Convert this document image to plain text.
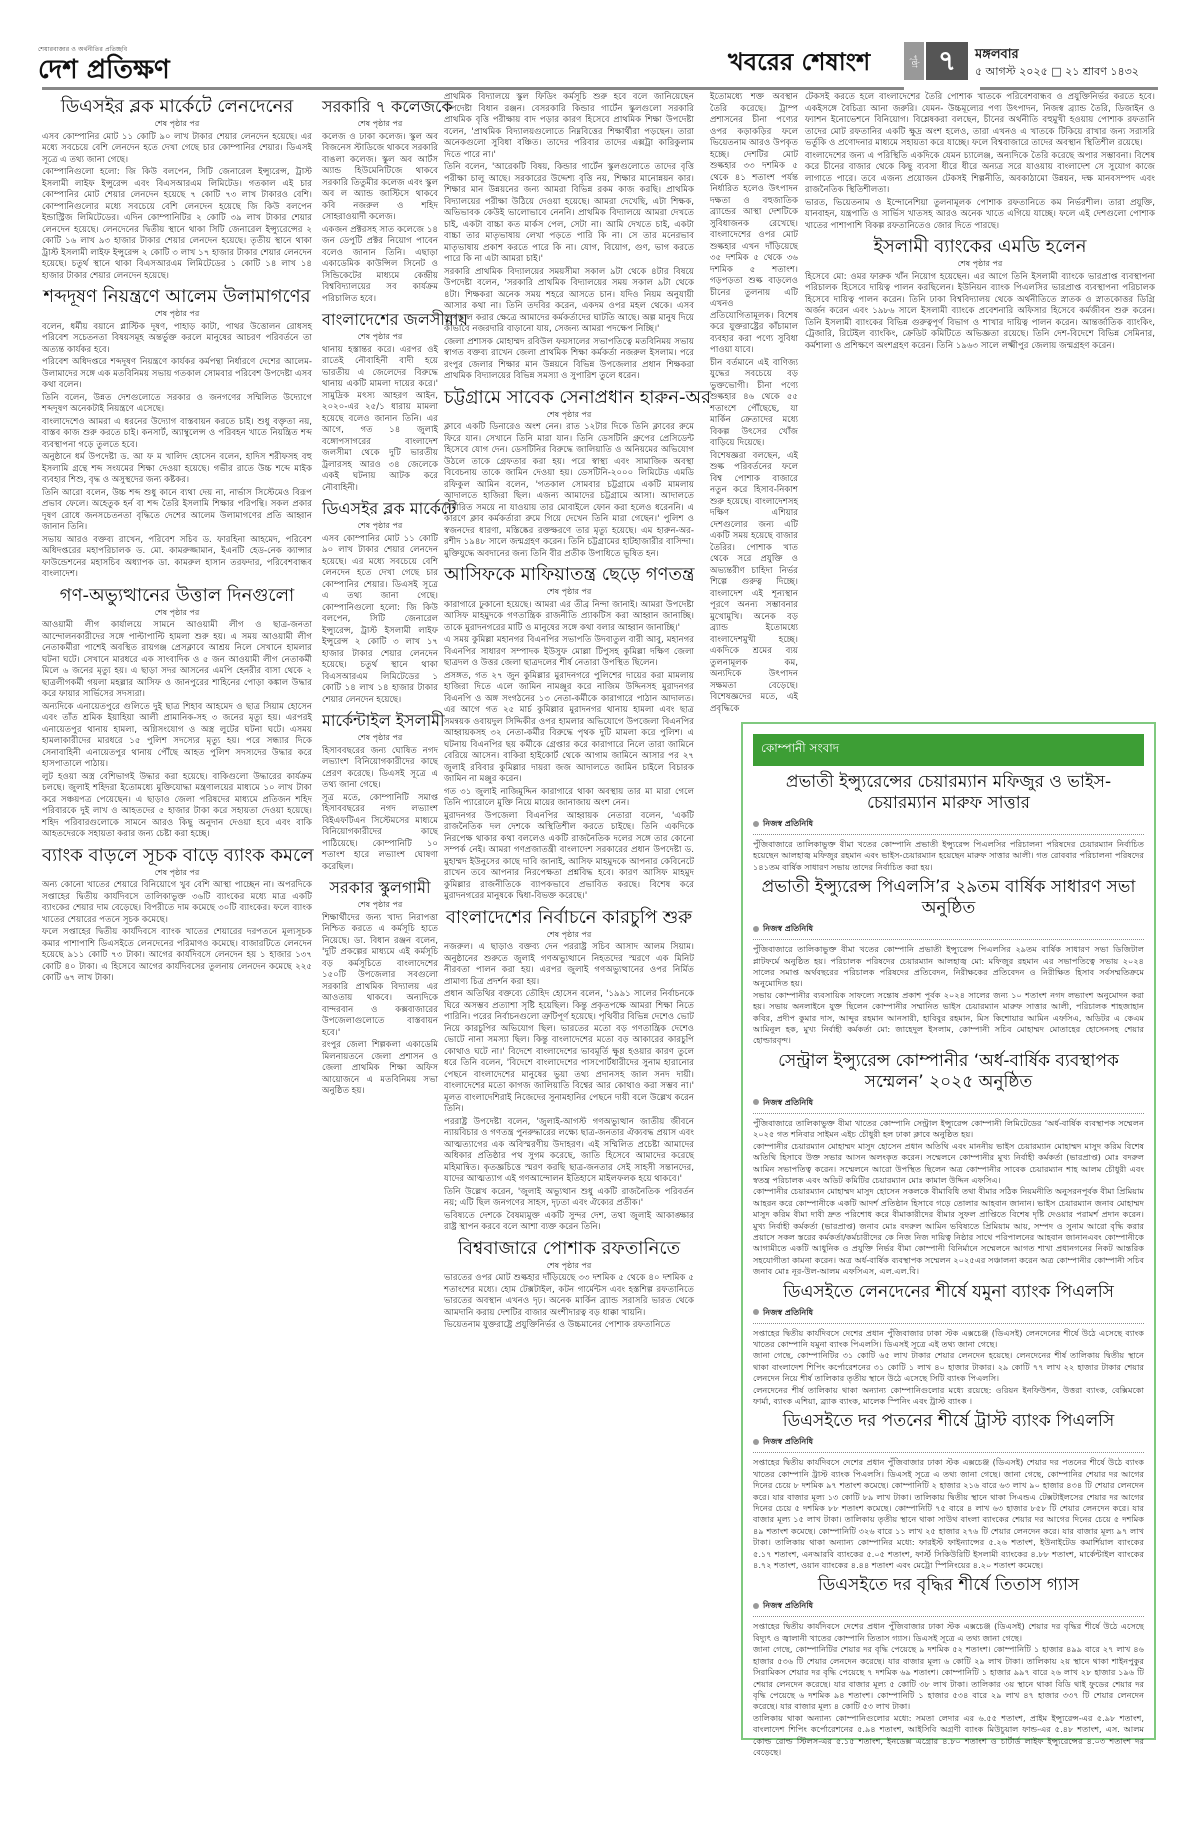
শেয়ারবাজার ও অর্থনীতির প্রতিচ্ছবি
দেশ প্রতিক্ষণ	খবরের শেষাংশ	পৃষ্ঠা ৭	মঙ্গলবার
৫ আগস্ট ২০২৫ □ ২১ শ্রাবণ ১৪৩২
ডিএসইর ব্লক মার্কেটে লেনদেনের
শেষ পৃষ্ঠার পর

এসব কোম্পানির মোট ১১ কোটি ৯০ লাখ টাকার শেয়ার লেনদেন হয়েছে। এর মধ্যে সবচেয়ে বেশি লেনদেন হতে দেখা গেছে চার কোম্পানির শেয়ার। ডিএসই সূত্রে এ তথ্য জানা গেছে।

কোম্পানিগুলো হলো: জি কিউ বলপেন, সিটি জেনারেল ইন্স্যুরেন্স, ট্রাস্ট ইসলামী লাইফ ইন্সুরেন্স এবং বিএসআরএম লিমিটেড। গতকাল এই চার কোম্পানির মোট শেয়ার লেনদেন হয়েছে ৭ কোটি ৭৩ লাখ টাকারও বেশি। কোম্পানিগুলোর মধ্যে সবচেয়ে বেশি লেনদেন হয়েছে জি কিউ বলপেন ইন্ডাস্ট্রিজ লিমিটেডের। এদিন কোম্পানিটির ২ কোটি ৩৯ লাখ টাকার শেয়ার লেনদেন হয়েছে। লেনদেনের দ্বিতীয় স্থানে থাকা সিটি জেনারেল ইন্স্যুরেন্সের ২ কোটি ১৬ লাখ ৯৩ হাজার টাকার শেয়ার লেনদেন হয়েছে। তৃতীয় স্থানে থাকা ট্রাস্ট ইসলামী লাইফ ইন্সুরেন্স ২ কোটি ৩ লাখ ১৭ হাজার টাকার শেয়ার লেনদেন হয়েছে। চতুর্থ স্থানে থাকা বিএসআরএম লিমিটেডের ১ কোটি ১৪ লাখ ১৪ হাজার টাকার শেয়ার লেনদেন হয়েছে।

শব্দদূষণ নিয়ন্ত্রণে আলেম উলামাগণের
শেষ পৃষ্ঠার পর

বলেন, ধর্মীয় বয়ানে প্লাস্টিক দূষণ, পাহাড় কাটা, পাথর উত্তোলন রোধসহ পরিবেশ সচেতনতা বিষয়সমূহ অন্তর্ভুক্ত করলে মানুষের আচরণ পরিবর্তনে তা অত্যন্ত কার্যকর হবে।

পরিবেশ অধিদপ্তরে শব্দদূষণ নিয়ন্ত্রণে কার্যকর কর্মপন্থা নির্ধারণে দেশের আলেম-উলামাদের সঙ্গে এক মতবিনিময় সভায় গতকাল সোমবার পরিবেশ উপদেষ্টা এসব কথা বলেন।

তিনি বলেন, উন্নত দেশগুলোতে সরকার ও জনগণের সম্মিলিত উদ্যোগে শব্দদূষণ অনেকটাই নিয়ন্ত্রণে এসেছে।

বাংলাদেশেও আমরা এ ধরনের উদ্যোগ বাস্তবায়ন করতে চাই। শুধু বক্তৃতা নয়, বাস্তব কাজ শুরু করতে চাই। কনসার্ট, অ্যাম্বুলেন্স ও পরিবহন খাতে নিয়ন্ত্রিত শব্দ ব্যবস্থাপনা গড়ে তুলতে হবে।

অনুষ্ঠানে ধর্ম উপদেষ্টা ড. আ ফ ম খালিদ হোসেন বলেন, হাদিস শরীফসহ বহু ইসলামি গ্রন্থে শব্দ সংযমের শিক্ষা দেওয়া হয়েছে। গভীর রাতে উচ্চ শব্দে মাইক ব্যবহার শিশু, বৃদ্ধ ও অসুস্থদের জন্য কষ্টকর।

তিনি আরো বলেন, উচ্চ শব্দ শুধু কানে ব্যথা দেয় না, নার্ভাস সিস্টেমেও বিরূপ প্রভাব ফেলে। অহেতুক হর্ন বা শব্দ তৈরি ইসলামি শিক্ষার পরিপন্থি। সকল প্রকার দূষণ রোধে জনসচেতনতা বৃদ্ধিতে দেশের আলেম উলামাগণের প্রতি আহ্বান জানান তিনি।

সভায় আরও বক্তব্য রাখেন, পরিবেশ সচিব ড. ফারহিনা আহমেদ, পরিবেশ অধিদপ্তরের মহাপরিচালক ড. মো. কামরুজ্জামান, ইএনটি হেড-নেক ক্যান্সার ফাউন্ডেশনের মহাসচিব অধ্যাপক ডা. কামরুল হাসান তরফদার, পরিবেশবান্ধব বাংলাদেশ।

গণ-অভ্যুত্থানের উত্তাল দিনগুলো
শেষ পৃষ্ঠার পর

আওয়ামী লীগ কার্যালয়ে সামনে আওয়ামী লীগ ও ছাত্র-জনতা আন্দোলনকারীদের সঙ্গে পাল্টাপাল্টি হামলা শুরু হয়। এ সময় আওয়ামী লীগ নেতাকর্মীরা পাশেই অবস্থিত রায়গঞ্জ প্রেসক্লাবে আশ্রয় নিলে সেখানে হামলার ঘটনা ঘটে। সেখানে মারধরে এক সাংবাদিক ও ৫ জন আওয়ামী লীগ নেতাকর্মী মিলে ৬ জনের মৃত্যু হয়। এ ছাড়া সদর আসনের এমপি হেনরীর বাসা থেকে ২ ছাত্রলীগকর্মী গয়লা মহল্লার আসিফ ও জানপুরের শাহিনের পোড়া কঙ্কাল উদ্ধার করে ফায়ার সার্ভিসের সদস্যরা।

অন্যদিকে এনায়েতপুরে গুলিতে দুই ছাত্র শিহাব আহমেদ ও ছাত্র সিয়াম হোসেন এবং তাঁত শ্রমিক ইয়াহিয়া আলী প্রামানিক-সহ ৩ জনের মৃত্যু হয়। এরপরই এনায়েতপুর থানায় হামলা, অগ্নিসংযোগ ও অস্ত্র লুটের ঘটনা ঘটে। এসময় হামলাকারীদের মারধরে ১৫ পুলিশ সদস্যের মৃত্যু হয়। পরে সন্ধ্যার দিকে সেনাবাহিনী এনায়েতপুর থানায় পৌঁছে আহত পুলিশ সদস্যদের উদ্ধার করে হাসপাতালে পাঠায়।

লুট হওয়া অস্ত্র বেশিভাগই উদ্ধার করা হয়েছে। বাকিগুলো উদ্ধারের কার্যক্রম চলছে। জুলাই শহিদরা ইতোমধ্যে মুক্তিযোদ্ধা মন্ত্রণালয়ের মাধ্যমে ১০ লাখ টাকা করে সঞ্চয়পত্র পেয়েছেন। এ ছাড়াও জেলা পরিষদের মাধ্যমে প্রতিজন শহিদ পরিবারকে দুই লাখ ও আহতদের ৫ হাজার টাকা করে সহায়তা দেওয়া হয়েছে। শহিদ পরিবারগুলোকে সামনে আরও কিছু অনুদান দেওয়া হবে এবং বাকি আহতদেরকে সহায়তা করার জন্য চেষ্টা করা হচ্ছে।

ব্যাংক বাড়লে সূচক বাড়ে ব্যাংক কমলে
শেষ পৃষ্ঠার পর

অন্য কোনো খাতের শেয়ারে বিনিয়োগে খুব বেশি আস্থা পাচ্ছেন না। অপরদিকে সপ্তাহের দ্বিতীয় কার্যদিবসে তালিকাভুক্ত ৩৬টি ব্যাংকের মধ্যে মাত্র একটি ব্যাংকের শেয়ার দাম বেড়েছে। বিপরীতে দাম কমেছে ৩০টি ব্যাংকের। ফলে ব্যাংক খাতের শেয়ারের পতনে সূচক কমেছে।

ফলে সপ্তাহের দ্বিতীয় কার্যদিবসে ব্যাংক খাতের শেয়ারের দরপতনে মূল্যসূচক কমার পাশাপাশি ডিএসইতে লেনদেনের পরিমাণও কমেছে। বাজারটিতে লেনদেন হয়েছে ৯১১ কোটি ৭৩ টাকা। আগের কার্যদিবসে লেনদেন হয় ১ হাজার ১৩৭ কোটি ৪০ টাকা। এ হিসেবে আগের কার্যদিবসের তুলনায় লেনদেন কমেছে ২২৫ কোটি ৬৭ লাখ টাকা।

সরকারি ৭ কলেজকে
শেষ পৃষ্ঠার পর

কলেজ ও ঢাকা কলেজ। স্কুল অব বিজনেস স্টাডিজে থাকবে সরকারি বাঙলা কলেজ। স্কুল অব আর্টস অ্যান্ড হিউমেনিটিজে থাকবে সরকারি তিতুমীর কলেজ এবং স্কুল অব ল অ্যান্ড জাস্টিসে থাকবে কবি নজরুল ও শহিদ সোহরাওয়ার্দী কলেজ।

একজন প্রক্টরসহ সাত কলেজে ১৪ জন ডেপুটি প্রক্টর নিয়োগ পাবেন বলেও জানান তিনি। এছাড়া একাডেমিক কাউন্সিল সিনেট ও সিন্ডিকেটের মাধ্যমে কেন্দ্রীয় বিশ্ববিদ্যালয়ের সব কার্যক্রম পরিচালিত হবে।

বাংলাদেশের জলসীমায়
শেষ পৃষ্ঠার পর

থানায় হস্তান্তর করে। এরপর ওই রাতেই নৌবাহিনী বাদী হয়ে ভারতীয় এ জেলেদের বিরুদ্ধে থানায় একটি মামলা দায়ের করে।' সামুদ্রিক মৎস্য আহরণ আইন, ২০২০-এর ২৫/১ ধারায় মামলা হয়েছে বলেও জানান তিনি। এর আগে, গত ১৪ জুলাই বঙ্গোপসাগরের বাংলাদেশ জলসীমা থেকে দুটি ভারতীয় ট্রলারসহ আরও ৩৪ জেলেকে একই ঘটনায় আটক করে নৌবাহিনী।

ডিএসইর ব্লক মার্কেটে
শেষ পৃষ্ঠার পর

এসব কোম্পানির মোট ১১ কোটি ৯০ লাখ টাকার শেয়ার লেনদেন হয়েছে। এর মধ্যে সবচেয়ে বেশি লেনদেন হতে দেখা গেছে চার কোম্পানির শেয়ার। ডিএসই সূত্রে এ তথ্য জানা গেছে। কোম্পানিগুলো হলো: জি কিউ বলপেন, সিটি জেনারেল ইন্স্যুরেন্স, ট্রাস্ট ইসলামী লাইফ ইন্সুরেন্স ২ কোটি ৩ লাখ ১৭ হাজার টাকার শেয়ার লেনদেন হয়েছে। চতুর্থ স্থানে থাকা বিএসআরএম লিমিটেডের ১ কোটি ১৪ লাখ ১৪ হাজার টাকার শেয়ার লেনদেন হয়েছে।

মার্কেন্টাইল ইসলামী
শেষ পৃষ্ঠার পর

হিসাববছরের জন্য ঘোষিত নগদ লভ্যাংশ বিনিয়োগকারীদের কাছে প্রেরণ করেছে। ডিএসই সূত্রে এ তথ্য জানা গেছে।

সূত্র মতে, কোম্পানিটি সমাপ্ত হিসাববছরের নগদ লভ্যাংশ বিইএফটিএন সিস্টেমসের মাধ্যমে বিনিয়োগকারীদের কাছে পাঠিয়েছে। কোম্পানিটি ১০ শতাংশ হারে লভ্যাংশ ঘোষণা করেছিল।

সরকার স্কুলগামী
শেষ পৃষ্ঠার পর

শিক্ষার্থীদের জন্য খাদ্য নিরাপত্তা নিশ্চিত করতে এ কর্মসূচি হাতে নিয়েছে। ডা. বিধান রঞ্জন বলেন, 'দুটি প্রকল্পের মাধ্যমে এই কর্মসূচি বড় কর্মসূচিতে বাংলাদেশের ১৫০টি উপজেলার সবগুলো সরকারি প্রাথমিক বিদ্যালয় এর আওতায় থাকবে। অন্যদিকে বান্দরবান ও কক্সবাজারের উপজেলাগুলোতে বাস্তবায়ন হবে।'

রংপুর জেলা শিল্পকলা একাডেমি মিলনায়তনে জেলা প্রশাসন ও জেলা প্রাথমিক শিক্ষা অফিস আয়োজনে এ মতবিনিময় সভা অনুষ্ঠিত হয়।

প্রাথমিক বিদ্যালয়ে স্কুল ফিডিং কর্মসূচি শুরু হবে বলে জানিয়েছেন উপদেষ্টা বিধান রঞ্জন। বেসরকারি কিন্ডার গার্টেন স্কুলগুলো সরকারি প্রাথমিক বৃত্তি পরীক্ষায় বাদ পড়ার কারণ হিসেবে প্রাথমিক শিক্ষা উপদেষ্টা বলেন, 'প্রাথমিক বিদ্যালয়গুলোতে নিম্নবিত্তের শিক্ষার্থীরা পড়ছেন। তারা অনেকগুলো সুবিধা বঞ্চিত। তাদের পরিবার তাদের এক্সট্রা কারিকুলাম দিতে পারে না।'

তিনি বলেন, 'আরেকটি বিষয়, কিন্ডার গার্টেন স্কুলগুলোতে তাদের বৃত্তি পরীক্ষা চালু আছে। সরকারের উদ্দেশ্য বৃত্তি নয়, শিক্ষার মানোন্নয়ন কার। শিক্ষার মান উন্নয়নের জন্য আমরা বিভিন্ন রকম কাজ করছি। প্রাথমিক বিদ্যালয়ের পরীক্ষা উঠিয়ে দেওয়া হয়েছে। আমরা দেখেছি, এটা শিক্ষক, অভিভাবক কেউই ভালোভাবে নেননি। প্রাথমিক বিদ্যালয়ে আমরা দেখতে চাই, একটা বাচ্চা কত মার্কস পেল, সেটা না। আমি দেখতে চাই, একটা বাচ্চা তার মাতৃভাষায় লেখা পড়তে পারি কি না। সে তার মনেরভাব মাতৃভাষায় প্রকাশ করতে পারে কি না। যোগ, বিয়োগ, গুণ, ভাগ করতে পারে কি না এটা আমরা চাই।'

সরকারি প্রাথমিক বিদ্যালয়ের সময়সীমা সকাল ৯টা থেকে ৪টার বিষয়ে উপদেষ্টা বলেন, 'সরকারি প্রাথমিক বিদ্যালয়ের সময় সকাল ৯টা থেকে ৪টা। শিক্ষকরা অনেক সময় শহরে আসতে চান। যদিও নিয়ম অনুযায়ী আসার কথা না। তিনি তদবির করেন, একদম ওপর মহল থেকে। এসব দেখভাল করার ক্ষেত্রে আমাদের কর্মকর্তাদের ঘাটতি আছে। অল্প মানুষ দিয়ে কীভাবে নজরদারি বাড়ানো যায়, সেজন্য আমরা পদক্ষেপ নিচ্ছি।'

জেলা প্রশাসক মোহাম্মদ রবিউল ফয়সালের সভাপতিত্বে মতবিনিময় সভায় স্বাগত বক্তব্য রাখেন জেলা প্রাথমিক শিক্ষা কর্মকর্তা নজরুল ইসলাম। পরে রংপুর জেলার শিক্ষার মান উন্নয়নে বিভিন্ন উপজেলার প্রধান শিক্ষকরা প্রাথমিক বিদ্যালয়ের বিভিন্ন সমস্যা ও সুপারিশ তুলে ধরেন।

চট্টগ্রামে সাবেক সেনাপ্রধান হারুন-অর
শেষ পৃষ্ঠার পর

ক্লাবে একটি ডিনারেও অংশ নেন। রাত ১২টার দিকে তিনি ক্লাবের রুমে ফিরে যান। সেখানে তিনি মারা যান। তিনি ডেসটিনি গ্রুপের প্রেসিডেন্ট হিসেবে যোগ দেন। ডেসটিনির বিরুদ্ধে জালিয়াতি ও অনিয়মের অভিযোগ উঠলে তাকে গ্রেফতার করা হয়। পরে স্বাস্থ্য এবং সামাজিক অবস্থা বিবেচনায় তাকে জামিন দেওয়া হয়। ডেসটিনি-২০০০ লিমিটেড এমডি রফিকুল আমিন বলেন, 'গতকাল সোমবার চট্টগ্রামে একটি মামলায় আদালতে হাজিরা ছিল। এজন্য আমাদের চট্টগ্রামে আসা। আদালতে নির্ধারিত সময়ে না যাওয়ায় তার মোবাইলে ফোন করা হলেও ধরেননি। এ কারণে ক্লাব কর্মকর্তারা রুমে গিয়ে দেখেন তিনি মারা গেছেন।' পুলিশ ও স্বজনদের ধারণা, মস্তিষ্কের রক্তক্ষরণে তার মৃত্যু হয়েছে। এম হারুন-অর-রশীদ ১৯৪৮ সালে জন্মগ্রহণ করেন। তিনি চট্টগ্রামের হাটহাজারীর বাসিন্দা। মুক্তিযুদ্ধে অবদানের জন্য তিনি বীর প্রতীক উপাধিতে ভূষিত হন।

আসিফকে মাফিয়াতন্ত্র ছেড়ে গণতন্ত্র
শেষ পৃষ্ঠার পর

কারাগারে ঢুকানো হয়েছে। আমরা এর তীব্র নিন্দা জানাই। আমরা উপদেষ্টা আসিফ মাহমুদকে গণতান্ত্রিক রাজনীতি প্র্যাকটিস করা আহ্বান জানাচ্ছি। তাকে মুরাদনগরের মাটি ও মানুষের সঙ্গে কথা বলার আহ্বান জানাচ্ছি।'

এ সময় কুমিল্লা মহানগর বিএনপির সভাপতি উদবাতুল বারী আবু, মহানগর বিএনপির সাধারণ সম্পাদক ইউসুফ মোল্লা টিপুসহ কুমিল্লা দক্ষিণ জেলা ছাত্রদল ও উত্তর জেলা ছাত্রদলের শীর্ষ নেতারা উপস্থিত ছিলেন।

প্রসঙ্গত, গত ২৭ জুন কুমিল্লার মুরাদনগরে পুলিশের দায়ের করা মামলায় হাজিরা দিতে এলে জামিন নামঞ্জুর করে নাজিম উদ্দিনসহ মুরাদনগর বিএনপি ও অঙ্গ সংগঠনের ১৩ নেতা-কর্মীকে কারাগারে পাঠান আদালত। এর আগে গত ২৫ মার্চ কুমিল্লার মুরাদনগর থানায় হামলা এবং ছাত্র সমন্বয়ক ওবায়দুল সিদ্দিকীর ওপর হামলার অভিযোগে উপজেলা বিএনপির আহ্বায়কসহ ৩২ নেতা-কর্মীর বিরুদ্ধে পৃথক দুটি মামলা করে পুলিশ। এ ঘটনায় বিএনপির ছয় কর্মীকে গ্রেপ্তার করে কারাগারে নিলে তারা জামিনে বেরিয়ে আসেন। বাকিরা হাইকোর্ট থেকে আগাম জামিনে আসার পর ২৭ জুলাই রবিবার কুমিল্লার দায়রা জজ আদালতে জামিন চাইলে বিচারক জামিন না মঞ্জুর করেন।

গত ৩১ জুলাই নাজিমুদ্দিন কারাগারে থাকা অবস্থায় তার মা মারা গেলে তিনি প্যারোলে মুক্তি নিয়ে মায়ের জানাজায় অংশ নেন।

মুরাদনগর উপজেলা বিএনপির আহ্বায়ক নেতারা বলেন, 'একটি রাজনৈতিক দল দেশকে অস্থিতিশীল করতে চাইছে। তিনি একদিকে নিরপেক্ষ থাকার কথা বললেও একটি রাজনৈতিক দলের সঙ্গে তার কোনো সম্পর্ক নেই। আমরা গণপ্রজাতন্ত্রী বাংলাদেশ সরকারের প্রধান উপদেষ্টা ড. মুহাম্মদ ইউনুসের কাছে দাবি জানাই, আসিফ মাহমুদকে আপনার কেবিনেটে রাখেন তবে আপনার নিরপেক্ষতা প্রশ্নবিদ্ধ হবে। কারণ আসিফ মাহমুদ কুমিল্লার রাজনীতিকে ব্যাপকভাবে প্রভাবিত করছে। বিশেষ করে মুরাদনগরের মানুষকে দ্বিধা-বিভক্ত করেছে।'

বাংলাদেশের নির্বাচনে কারচুপি শুরু
শেষ পৃষ্ঠার পর

নজরুল। এ ছাড়াও বক্তব্য দেন পররাষ্ট্র সচিব আসাদ আলম সিয়াম। অনুষ্ঠানের শুরুতে জুলাই গণঅভ্যুত্থানে নিহতদের স্মরণে এক মিনিট নীরবতা পালন করা হয়। এরপর জুলাই গণঅভ্যুত্থানের ওপর নির্মিত প্রামাণ্য চিত্র প্রদর্শন করা হয়।

প্রধান অতিথির বক্তব্যে তৌহিদ হোসেন বলেন, '১৯৯১ সালের নির্বাচনকে ঘিরে অসম্ভব প্রত্যাশা সৃষ্টি হয়েছিল। কিন্তু প্রকৃতপক্ষে আমরা শিক্ষা নিতে পারিনি। পরের নির্বাচনগুলো ত্রুটিপূর্ণ হয়েছে। পৃথিবীর বিভিন্ন দেশেও ভোট নিয়ে কারচুপির অভিযোগ ছিল। ভারতের মতো বড় গণতান্ত্রিক দেশেও ভোটে নানা সমস্যা ছিল। কিন্তু বাংলাদেশের মতো বড় আকারের কারচুপি কোথাও ঘটে না।' বিদেশে বাংলাদেশের ভাবমূর্তি ক্ষুণ্ণ হওয়ার কারণ তুলে ধরে তিনি বলেন, 'বিদেশে বাংলাদেশের পাসপোর্টধারীদের সুনাম হারানোর পেছনে বাংলাদেশের মানুষের ভুয়া তথ্য প্রদানসহ জাল সনদ দায়ী। বাংলাদেশের মতো কাগজ জালিয়াতি বিশ্বের আর কোথাও করা সম্ভব না।' মূলত বাংলাদেশিরাই নিজেদের সুনামহানির পেছনে দায়ী বলে উল্লেখ করেন তিনি।

পররাষ্ট্র উপদেষ্টা বলেন, 'জুলাই-আগস্ট গণঅভ্যুত্থান জাতীয় জীবনে ন্যায়বিচার ও গণতন্ত্র পুনরুদ্ধারের লক্ষ্যে ছাত্র-জনতার ঐক্যবদ্ধ প্রয়াস এবং আত্মত্যাগের এক অবিস্মরণীয় উদাহরণ। এই সম্মিলিত প্রচেষ্টা আমাদের অধিকার প্রতিষ্ঠার পথ সুগম করেছে, জাতি হিসেবে আমাদের করেছে মহিমান্বিত। কৃতজ্ঞচিত্তে স্মরণ করছি ছাত্র-জনতার সেই সাহসী সন্তানদের, যাদের আত্মত্যাগ এই গণআন্দোলন ইতিহাসে মাইলফলক হয়ে থাকবে।'

তিনি উল্লেখ করেন, 'জুলাই অভ্যুত্থান শুধু একটি রাজনৈতিক পরিবর্তন নয়; এটি ছিল জনগণের সাহস, দৃঢ়তা এবং ঐক্যের প্রতীক।'

ভবিষ্যতে দেশকে বৈষম্যমুক্ত একটি সুন্দর দেশ, তথা জুলাই আকাঙ্ক্ষার রাষ্ট্র স্থাপন করবে বলে আশা ব্যক্ত করেন তিনি।

বিশ্ববাজারে পোশাক রফতানিতে
শেষ পৃষ্ঠার পর

ভারতের ওপর মোট শুল্কহার দাঁড়িয়েছে ৩৩ দশমিক ৫ থেকে ৪০ দশমিক ৫ শতাংশের মধ্যে। হোম টেক্সটাইল, কটন গার্মেন্টস এবং হস্তশিল্প রফতানিতে ভারতের অবস্থান এখনও দৃঢ়। অনেক মার্কিন ব্র্যান্ড সরাসরি ভারত থেকে আমদানি করায় দেশটির বাজার অংশীদারত্ব বড় ধাক্কা খায়নি।

ভিয়েতনাম যুক্তরাষ্ট্রে প্রযুক্তিনির্ভর ও উচ্চমানের পোশাক রফতানিতে

ইতোমধ্যে শক্ত অবস্থান তৈরি করেছে। ট্রাম্প প্রশাসনের চীনা পণ্যের ওপর কড়াকড়ির ফলে ভিয়েতনাম আরও উপকৃত হচ্ছে। দেশটির মোট শুল্কহার ৩৩ দশমিক ৫ থেকে ৪১ শতাংশ পর্যন্ত নির্ধারিত হলেও উৎপাদন দক্ষতা ও বহুজাতিক ব্র্যান্ডের আস্থা দেশটিকে সুবিধাজনক রেখেছে। বাংলাদেশের ওপর মোট শুল্কহার এখন দাঁড়িয়েছে ৩৫ দশমিক ৫ থেকে ৩৬ দশমিক ৫ শতাংশ। গড়পড়তা শুল্ক বাড়লেও চীনের তুলনায় এটি এখনও প্রতিযোগিতামূলক। বিশেষ করে যুক্তরাষ্ট্রের কাঁচামাল ব্যবহার করা পণ্যে সুবিধা পাওয়া যাবে।

চীন বর্তমানে এই বাণিজ্য যুদ্ধের সবচেয়ে বড় ভুক্তভোগী। চীনা পণ্যে শুল্কহার ৪৬ থেকে ৫৫ শতাংশে পৌঁছেছে, যা মার্কিন ক্রেতাদের মধ্যে বিকল্প উৎসের খোঁজ বাড়িয়ে দিয়েছে।

বিশেষজ্ঞরা বলছেন, এই শুল্ক পরিবর্তনের ফলে বিশ্ব পোশাক বাজারে নতুন করে হিসাব-নিকাশ শুরু হয়েছে। বাংলাদেশসহ দক্ষিণ এশিয়ার দেশগুলোর জন্য এটি একটি সময় হয়েছে বাজার তৈরির। পোশাক খাত থেকে সরে প্রযুক্তি ও অভ্যন্তরীণ চাহিদা নির্ভর শিল্পে গুরুত্ব দিচ্ছে। বাংলাদেশ এই শূন্যস্থান পূরণে অনন্য সম্ভাবনার মুখোমুখি। অনেক বড় ব্র্যান্ড ইতোমধ্যে বাংলাদেশমুখী হচ্ছে। একদিকে শ্রমের ব্যয় তুলনামূলক কম, অন্যদিকে উৎপাদন সক্ষমতা বেড়েছে। বিশেষজ্ঞদের মতে, এই প্রবৃদ্ধিকে

টেকসই করতে হলে বাংলাদেশের তৈরি পোশাক খাতকে পরিবেশবান্ধব ও প্রযুক্তিনির্ভর করতে হবে। একইসঙ্গে বৈচিত্র্য আনা জরুরি। যেমন- উচ্চমূল্যের পণ্য উৎপাদন, নিজস্ব ব্র্যান্ড তৈরি, ডিজাইন ও ফ্যাশন ইনোভেশনে বিনিয়োগ। বিশ্লেষকরা বলছেন, চীনের অর্থনীতি বহুমুখী হওয়ায় পোশাক রফতানি তাদের মোট রফতানির একটি ক্ষুদ্র অংশ হলেও, তারা এখনও এ খাতকে টিকিয়ে রাখার জন্য সরাসরি ভর্তুকি ও প্রণোদনার মাধ্যমে সহায়তা করে যাচ্ছে। ফলে বিশ্ববাজারে তাদের অবস্থান স্থিতিশীল রয়েছে।

বাংলাদেশের জন্য এ পরিস্থিতি একদিকে যেমন চ্যালেঞ্জ, অন্যদিকে তৈরি করেছে অপার সম্ভাবনা। বিশেষ করে চীনের বাজার থেকে কিছু ব্যবসা ধীরে ধীরে অন্যত্র সরে যাওয়ায় বাংলাদেশ সে সুযোগ কাজে লাগাতে পারে। তবে এজন্য প্রয়োজন টেকসই শিল্পনীতি, অবকাঠামো উন্নয়ন, দক্ষ মানবসম্পদ এবং রাজনৈতিক স্থিতিশীলতা।

ভারত, ভিয়েতনাম ও ইন্দোনেশিয়া তুলনামূলক পোশাক রফতানিতে কম নির্ভরশীল। তারা প্রযুক্তি, যানবাহন, যন্ত্রপাতি ও সার্ভিস খাতসহ আরও অনেক খাতে এগিয়ে যাচ্ছে। ফলে এই দেশগুলো পোশাক খাতের পাশাপাশি বিকল্প রফতানিতেও জোর দিতে পারছে।

ইসলামী ব্যাংকের এমডি হলেন
শেষ পৃষ্ঠার পর

হিসেবে মো: ওমর ফারুক খাঁন নিয়োগ হয়েছেন। এর আগে তিনি ইসলামী ব্যাংকে ভারপ্রাপ্ত ব্যবস্থাপনা পরিচালক হিসেবে দায়িত্ব পালন করছিলেন। ইউনিয়ন ব্যাংক পিএলসির ভারপ্রাপ্ত ব্যবস্থাপনা পরিচালক হিসেবে দায়িত্ব পালন করেন। তিনি ঢাকা বিশ্ববিদ্যালয় থেকে অর্থনীতিতে স্নাতক ও স্নাতকোত্তর ডিগ্রি অর্জন করেন এবং ১৯৮৬ সালে ইসলামী ব্যাংকে প্রবেশনারি অফিসার হিসেবে কর্মজীবন শুরু করেন। তিনি ইসলামী ব্যাংকের বিভিন্ন গুরুত্বপূর্ণ বিভাগ ও শাখার দায়িত্ব পালন করেন। আন্তর্জাতিক ব্যাংকিং, ট্রেজারি, রিটেইল ব্যাংকিং, ক্রেডিট কমিটিতে অভিজ্ঞতা রয়েছে। তিনি দেশ-বিদেশে বিভিন্ন সেমিনার, কর্মশালা ও প্রশিক্ষণে অংশগ্রহণ করেন। তিনি ১৯৬৩ সালে লক্ষ্মীপুর জেলায় জন্মগ্রহণ করেন।

কোম্পানী সংবাদ
প্রভাতী ইন্স্যুরেন্সের চেয়ারম্যান মফিজুর ও ভাইস-চেয়ারম্যান মারুফ সাত্তার
নিজস্ব প্রতিনিধি

পুঁজিবাজারে তালিকাভুক্ত বীমা খতের কোম্পানি প্রভাতী ইন্স্যুরেন্স পিএলসির পরিচালনা পরিষদের চেয়ারম্যান নির্বাচিত হয়েছেন আলহাজ্ব মফিজুর রহমান এবং ভাইস-চেয়ারম্যান হয়েছেন মারুফ সাত্তার আলী। গত রোববার পরিচালনা পরিষদের ১৪১তম বার্ষিক সাধারণ সভায় তাদের নির্বাচিত করা হয়।

প্রভাতী ইন্স্যুরেন্স পিএলসি’র ২৯তম বার্ষিক সাধারণ সভা অনুষ্ঠিত
নিজস্ব প্রতিনিধি

পুঁজিবাজারে তালিকাভুক্ত বীমা খতের কোম্পানি প্রভাতী ইন্স্যুরেন্স পিএলসির ২৯তম বার্ষিক সাধারণ সভা ডিজিটাল প্লাটফর্মে অনুষ্ঠিত হয়। পরিচালক পরিষদের চেয়ারম্যান আলহাজ্ব মো: মফিজুর রহমান এর সভাপতিত্বে সভায় ২০২৪ সালের সমাপ্ত অর্থবছরের পরিচালক পরিষদের প্রতিবেদন, নিরীক্ষকের প্রতিবেদন ও নিরীক্ষিত হিসাব সর্বসম্মতিক্রমে অনুমোদিত হয়।

সভায় কোম্পানীর ব্যবসায়িক সাফল্যে সন্তোষ প্রকাশ পূর্বক ২০২৪ সালের জন্য ১০ শতাংশ নগদ লভ্যাংশ অনুমোদন করা হয়। সভায় অনলাইনে যুক্ত ছিলেন কোম্পানীর সম্মানিত ভাইস চেয়ারম্যান মারুফ সাত্তার আলী, পরিচালক শাহজাহান কবির, প্রদীপ কুমার দাস, আব্দুর রহমান আনসারী, হাবিবুর রহমান, মিস কিশোয়ার আমিন এফসিএ, অডিটর এ কেএম আমিনুল হক, মুখ্য নির্বাহী কর্মকর্তা মো: জাহেদুল ইসলাম, কোম্পানী সচিব মোহাম্মদ মোতাহের হোসেনসহ শেয়ার হোল্ডারবৃন্দ।

সেন্ট্রাল ইন্স্যুরেন্স কোম্পানীর ‘অর্ধ-বার্ষিক ব্যবস্থাপক সম্মেলন’ ২০২৫ অনুষ্ঠিত
নিজস্ব প্রতিনিধি

পুঁজিবাজারে তালিকাভুক্ত বীমা খাতের কোম্পানি সেন্ট্রাল ইন্স্যুরেন্স কোম্পানী লিমিটেডের ‘অর্ধ-বার্ষিক ব্যবস্থাপক সম্মেলন ২০২৫ গত শনিবার সাইমন এইচ চৌধুরী হল ঢাকা ক্লাবে অনুষ্ঠিত হয়।

কোম্পানীর চেয়ারম্যান মোহাম্মদ মাসুদ হোসেন প্রধান অতিথি এবং মাননীয় ভাইস চেয়ারম্যান মোহাম্মদ মাসুদ করিম বিশেষ অতিথি হিসাবে উক্ত সভার আসন অলংকৃত করেন। সম্মেলনে কোম্পানীর মুখ্য নির্বাহী কর্মকর্তা (ভারপ্রাপ্ত) মোঃ বদরুল আমিন সভাপতিত্ব করেন। সম্মেলনে আরো উপস্থিত ছিলেন অত্র কোম্পানীর সাবেক চেয়ারম্যান শাহ আলম চৌধুরী এবং স্বতন্ত্র পরিচালক এবং অডিট কমিটির চেয়ারম্যান মোঃ কামাল উদ্দিন এফসিএ।

কোম্পানীর চেয়ারম্যান মোহাম্মদ মাসুদ হোসেন সকলকে বীমাবিধি তথা বীমার সঠিক নিয়মনীতি অনুসরনপূর্বক বীমা প্রিমিয়াম আহরন করে কোম্পানীকে একটি আদর্শ প্রতিষ্ঠান হিসাবে গড়ে তোলার আহবান জানান। ভাইস চেয়ারম্যান জনাব মোহাম্মদ মাসুদ করিম বীমা দাবী দ্রুত পরিশোধ করে বীমাকারীদের বীমার সুফল প্রাপ্তিতে বিশেষ দৃষ্টি দেওয়ার পরামর্শ প্রদান করেন। মুখ্য নির্বাহী কর্মকর্তা (ভারপ্রাপ্ত) জনাব মোঃ বদরুল আমিন ভবিষ্যতে প্রিমিয়াম আয়, সম্পদ ও সুনাম আরো বৃদ্ধি করার প্রয়াসে সকল স্তরের কর্মকর্তা/কর্মচারীদের কে নিজ নিজ দায়িত্ব নিষ্ঠার সাথে পরিপালনের আহবান জানানএবং কোম্পানীকে আগামীতে একটি আধুনিক ও প্রযুক্তি নির্ভর বীমা কোম্পানী বিনির্মানে সম্মেলনে আগত শাখা প্রধানগনের নিকট আন্তরিক সহযোগীতা কামনা করেন। অত্র অর্ধ-বার্ষিক ব্যবস্থাপক সম্মেলন ২০২৫এর সঞ্চালনা করেন অত্র কোম্পানীর কোম্পানী সচিব জনাব মোঃ নূর-উল-আলম এফসিএস, এল.এল.বি।

ডিএসইতে লেনদেনের শীর্ষে যমুনা ব্যাংক পিএলসি
নিজস্ব প্রতিনিধি

সপ্তাহের দ্বিতীয় কার্যদিবসে দেশের প্রধান পুঁজিবাজার ঢাকা স্টক এক্সচেঞ্জ (ডিএসই) লেনদেনের শীর্ষে উঠে এসেছে ব্যাংক খাতের কোম্পানি যমুনা ব্যাংক পিএলসি। ডিএসই সূত্রে এই তথ্য জানা গেছে।

জানা গেছে, কোম্পানিটির ৩১ কোটি ৬৫ লাখ টাকার শেয়ার লেনদেন হয়েছে। লেনদেনের শীর্ষ তালিকায় দ্বিতীয় স্থানে থাকা বাংলাদেশ শিপিং কর্পোরেশনের ৩১ কোটি ১ লাখ ৪০ হাজার টাকার। ২৯ কোটি ৭৭ লাখ ২২ হাজার টাকার শেয়ার লেনদেন নিয়ে শীর্ষ তালিকার তৃতীয় স্থানে উঠে এসেছে সিটি ব্যাংক পিএলসি।

লেনদেনের শীর্ষ তালিকায় থাকা অন্যান্য কোম্পানিগুলোর মধ্যে রয়েছে: ওরিয়ন ইনফিউশন, উত্তরা ব্যাংক, বেক্সিমকো ফার্মা, ব্যাংক এশিয়া, ব্র্যাক ব্যাংক, মালেক স্পিনিং এবং ট্রাস্ট ব্যাংক ।

ডিএসইতে দর পতনের শীর্ষে ট্রাস্ট ব্যাংক পিএলসি
নিজস্ব প্রতিনিধি

সপ্তাহের দ্বিতীয় কার্যদিবসে দেশের প্রধান পুঁজিবাজার ঢাকা স্টক এক্সচেঞ্জ (ডিএসই) শেয়ার দর পতনের শীর্ষে উঠে ব্যাংক খাতের কোম্পানি ট্রাস্ট ব্যাংক পিএলসি। ডিএসই সূত্রে এ তথ্য জানা গেছে। জানা গেছে, কোম্পানির শেয়ার দর আগের দিনের চেয়ে ৮ দশমিক ৯৭ শতাংশ কমেছে। কোম্পানিটি ২ হাজার ২১৬ বারে ৬৩ লাখ ৯০ হাজার ৪৩৪ টি শেয়ার লেনদেন করে। যার বাজার মূল্য ১৩ কোটি ৮৯ লাখ টাকা। তালিকায় দ্বিতীয় স্থানে থাকা সিএন্ডএ টেক্সটাইলসের শেয়ার দর আগের দিনের চেয়ে ৫ দশমিক ৮৮ শতাংশ কমেছে। কোম্পানিটি ৭৫ বারে ৪ লাখ ৬৩ হাজার ৮৫৮ টি শেয়ার লেনদেন করে। যার বাজার মূল্য ১৫ লাখ টাকা। তালিকায় তৃতীয় স্থানে থাকা সাউথ বাংলা ব্যাংকের শেয়ার দর আগের দিনের চেয়ে ৫ দশমিক ৪৯ শতাংশ কমেছে। কোম্পানিটি ৩২৬ বারে ১১ লাখ ২৫ হাজার ২৭৬ টি শেয়ার লেনদেন করে। যার বাজার মূল্য ৯৭ লাখ টাকা। তালিকায় থাকা অন্যান্য কোম্পানির মধ্যে: ফারইস্ট ফাইন্যান্সের ৫.২৬ শতাংশ, ইউনাইটেড কমার্শিয়াল ব্যাংকের ৫.১৭ শতাংশ, এনআরবি ব্যাংকের ৫.০৫ শতাংশ, ফার্স্ট সিকিউরিটি ইসলামী ব্যাংকের ৪.৮৮ শতাংশ, মার্কেন্টাইল ব্যাংকের ৪.৭২ শতাংশ, ওয়ান ব্যাংকের ৪.৪৪ শতাংশ এবং মেট্রো স্পিনিংয়ের ৪.২০ শতাংশ কমেছে।

ডিএসইতে দর বৃদ্ধির শীর্ষে তিতাস গ্যাস
নিজস্ব প্রতিনিধি

সপ্তাহের দ্বিতীয় কার্যদিবসে দেশের প্রধান পুঁজিবাজার ঢাকা স্টক এক্সচেঞ্জ (ডিএসই) শেয়ার দর বৃদ্ধির শীর্ষে উঠে এসেছে বিদ্যুৎ ও জ্বালানী খাতের কোম্পানি তিতাস গ্যাস। ডিএসই সূত্রে এ তথ্য জানা গেছে।

জানা গেছে, কোম্পানিটির শেয়ার দর বৃদ্ধি পেয়েছে ৯ দশমিক ৫২ শতাংশ। কোম্পানিটি ১ হাজার ৪৯৯ বারে ২৭ লাখ ৪৬ হাজার ৫৩৬ টি শেয়ার লেনদেন করেছে। যার বাজার মূল্য ৬ কোটি ২৯ লাখ টাকা। তালিকায় ২য় স্থানে থাকা শাইনপুকুর সিরামিকস শেয়ার দর বৃদ্ধি পেয়েছে ৭ দশমিক ৬৯ শতাংশ। কোম্পানিটি ১ হাজার ৯৯৭ বারে ২৬ লাখ ২৮ হাজার ১৯৬ টি শেয়ার লেনদেন করেছে। যার বাজার মূল্য ৫ কোটি ৩৮ লাখ টাকা। তালিকার ৩য় স্থানে থাকা বিডি থাই ফুডের শেয়ার দর বৃদ্ধি পেয়েছে ৬ দশমিক ৯৪ শতাংশ। কোম্পানিটি ১ হাজার ৫৩৪ বারে ২৯ লাখ ৪৭ হাজার ৩৩৭ টি শেয়ার লেনদেন করেছে। যার বাজার মূল্য ৪ কোটি ৫৩ লাখ টাকা।

তালিকায় থাকা অন্যান্য কোম্পানিগুলোর মধ্যে: সমতা লেদার এর ৬.৫৫ শতাংশ, প্রাইম ইন্স্যুরেন্স-এর ৫.৯৮ শতাংশ, বাংলাদেশ শিপিং কর্পোরেশনের ৫.৯৪ শতাংশ, আইসিবি অগ্রণী ব্যাংক মিউচুয়াল ফান্ড-এর ৫.৪৮ শতাংশ, এস. আলম কোল্ড রোল্ড স্টিলস-এর ৫.১৫ শতাংশ, ইনডেক্স এগ্রোর ৪.৮০ শতাংশ ও চার্টার্ড লাইফ ইন্স্যুরেন্সের ৪.০৩ শতাংশ দর বেড়েছে।
